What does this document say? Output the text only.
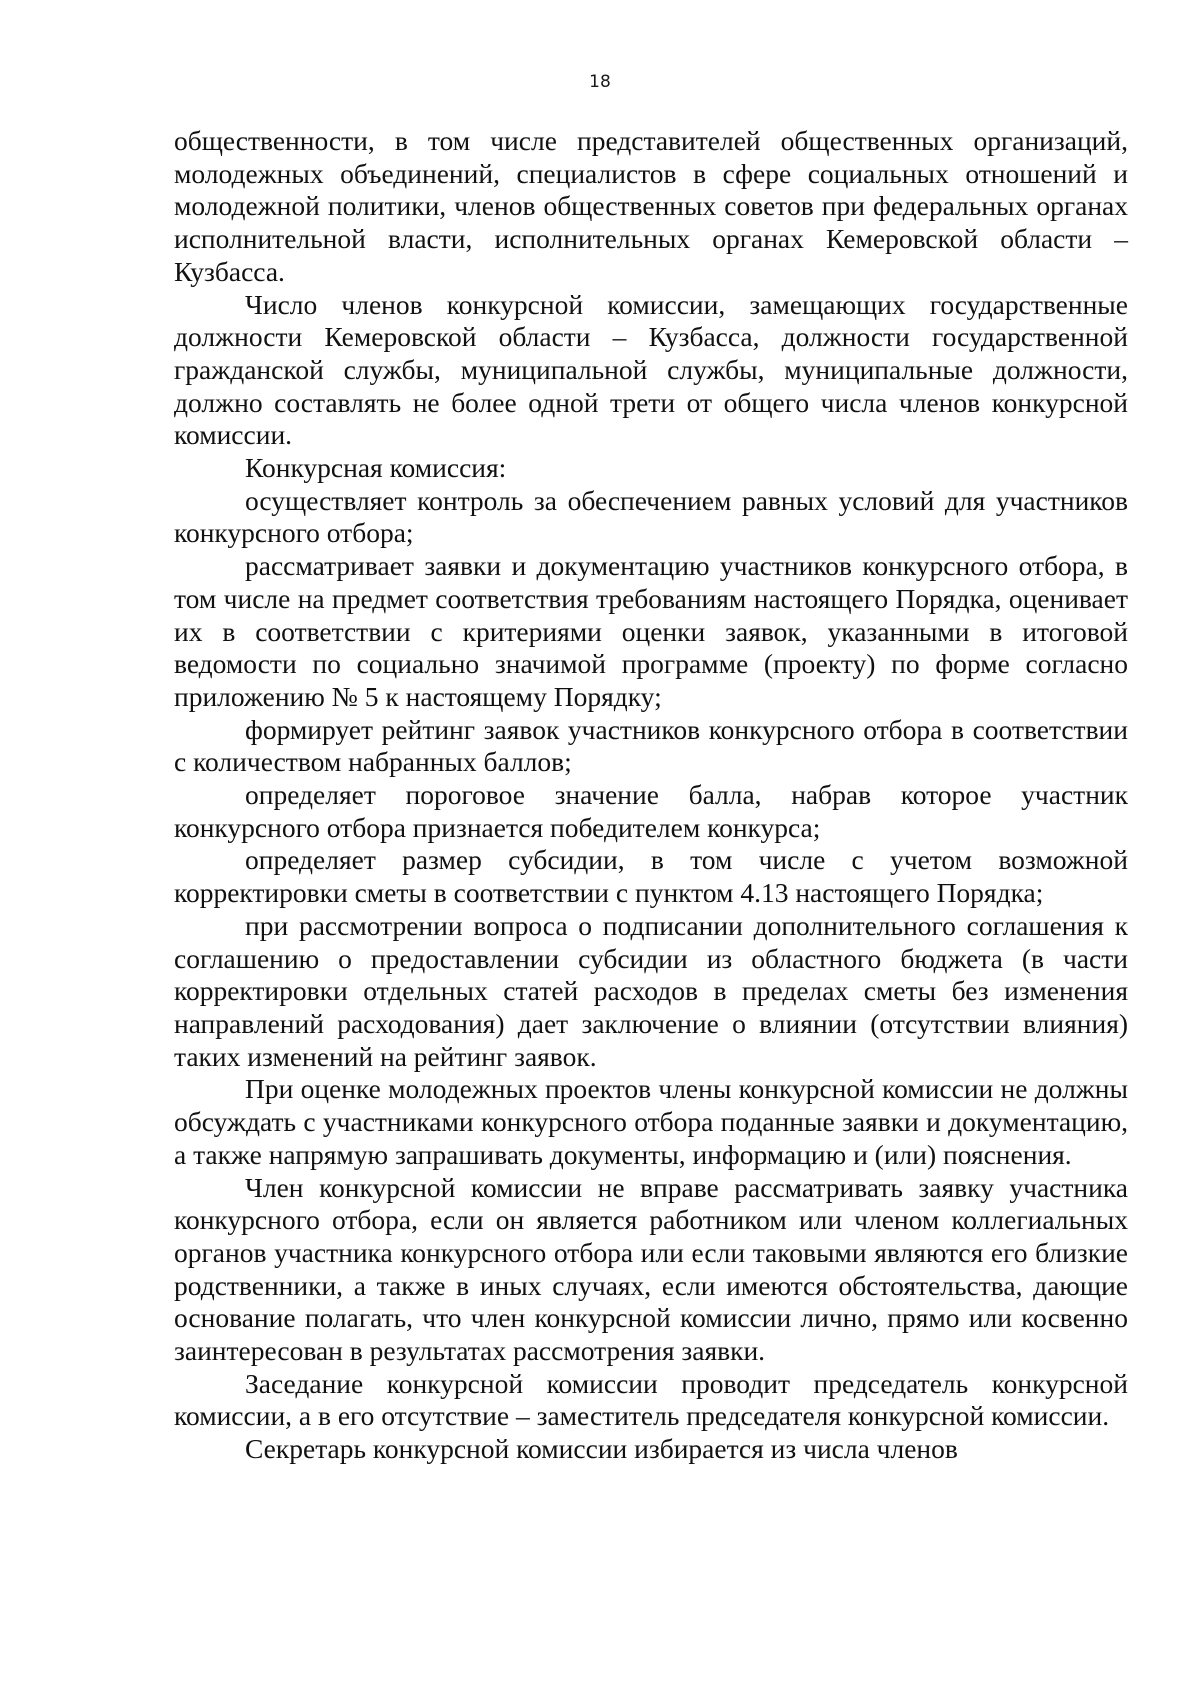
18

общественности, в том числе представителей общественных организаций, молодежных объединений, специалистов в сфере социальных отношений и молодежной политики, членов общественных советов при федеральных органах исполнительной власти, исполнительных органах Кемеровской области – Кузбасса.

Число членов конкурсной комиссии, замещающих государственные должности Кемеровской области – Кузбасса, должности государственной гражданской службы, муниципальной службы, муниципальные должности, должно составлять не более одной трети от общего числа членов конкурсной комиссии.

Конкурсная комиссия:

осуществляет контроль за обеспечением равных условий для участников конкурсного отбора;

рассматривает заявки и документацию участников конкурсного отбора, в том числе на предмет соответствия требованиям настоящего Порядка, оценивает их в соответствии с критериями оценки заявок, указанными в итоговой ведомости по социально значимой программе (проекту) по форме согласно приложению № 5 к настоящему Порядку;

формирует рейтинг заявок участников конкурсного отбора в соответствии с количеством набранных баллов;

определяет пороговое значение балла, набрав которое участник конкурсного отбора признается победителем конкурса;

определяет размер субсидии, в том числе с учетом возможной корректировки сметы в соответствии с пунктом 4.13 настоящего Порядка;

при рассмотрении вопроса о подписании дополнительного соглашения к соглашению о предоставлении субсидии из областного бюджета (в части корректировки отдельных статей расходов в пределах сметы без изменения направлений расходования) дает заключение о влиянии (отсутствии влияния) таких изменений на рейтинг заявок.

При оценке молодежных проектов члены конкурсной комиссии не должны обсуждать с участниками конкурсного отбора поданные заявки и документацию, а также напрямую запрашивать документы, информацию и (или) пояснения.

Член конкурсной комиссии не вправе рассматривать заявку участника конкурсного отбора, если он является работником или членом коллегиальных органов участника конкурсного отбора или если таковыми являются его близкие родственники, а также в иных случаях, если имеются обстоятельства, дающие основание полагать, что член конкурсной комиссии лично, прямо или косвенно заинтересован в результатах рассмотрения заявки.

Заседание конкурсной комиссии проводит председатель конкурсной комиссии, а в его отсутствие – заместитель председателя конкурсной комиссии.

Секретарь конкурсной комиссии избирается из числа членов
